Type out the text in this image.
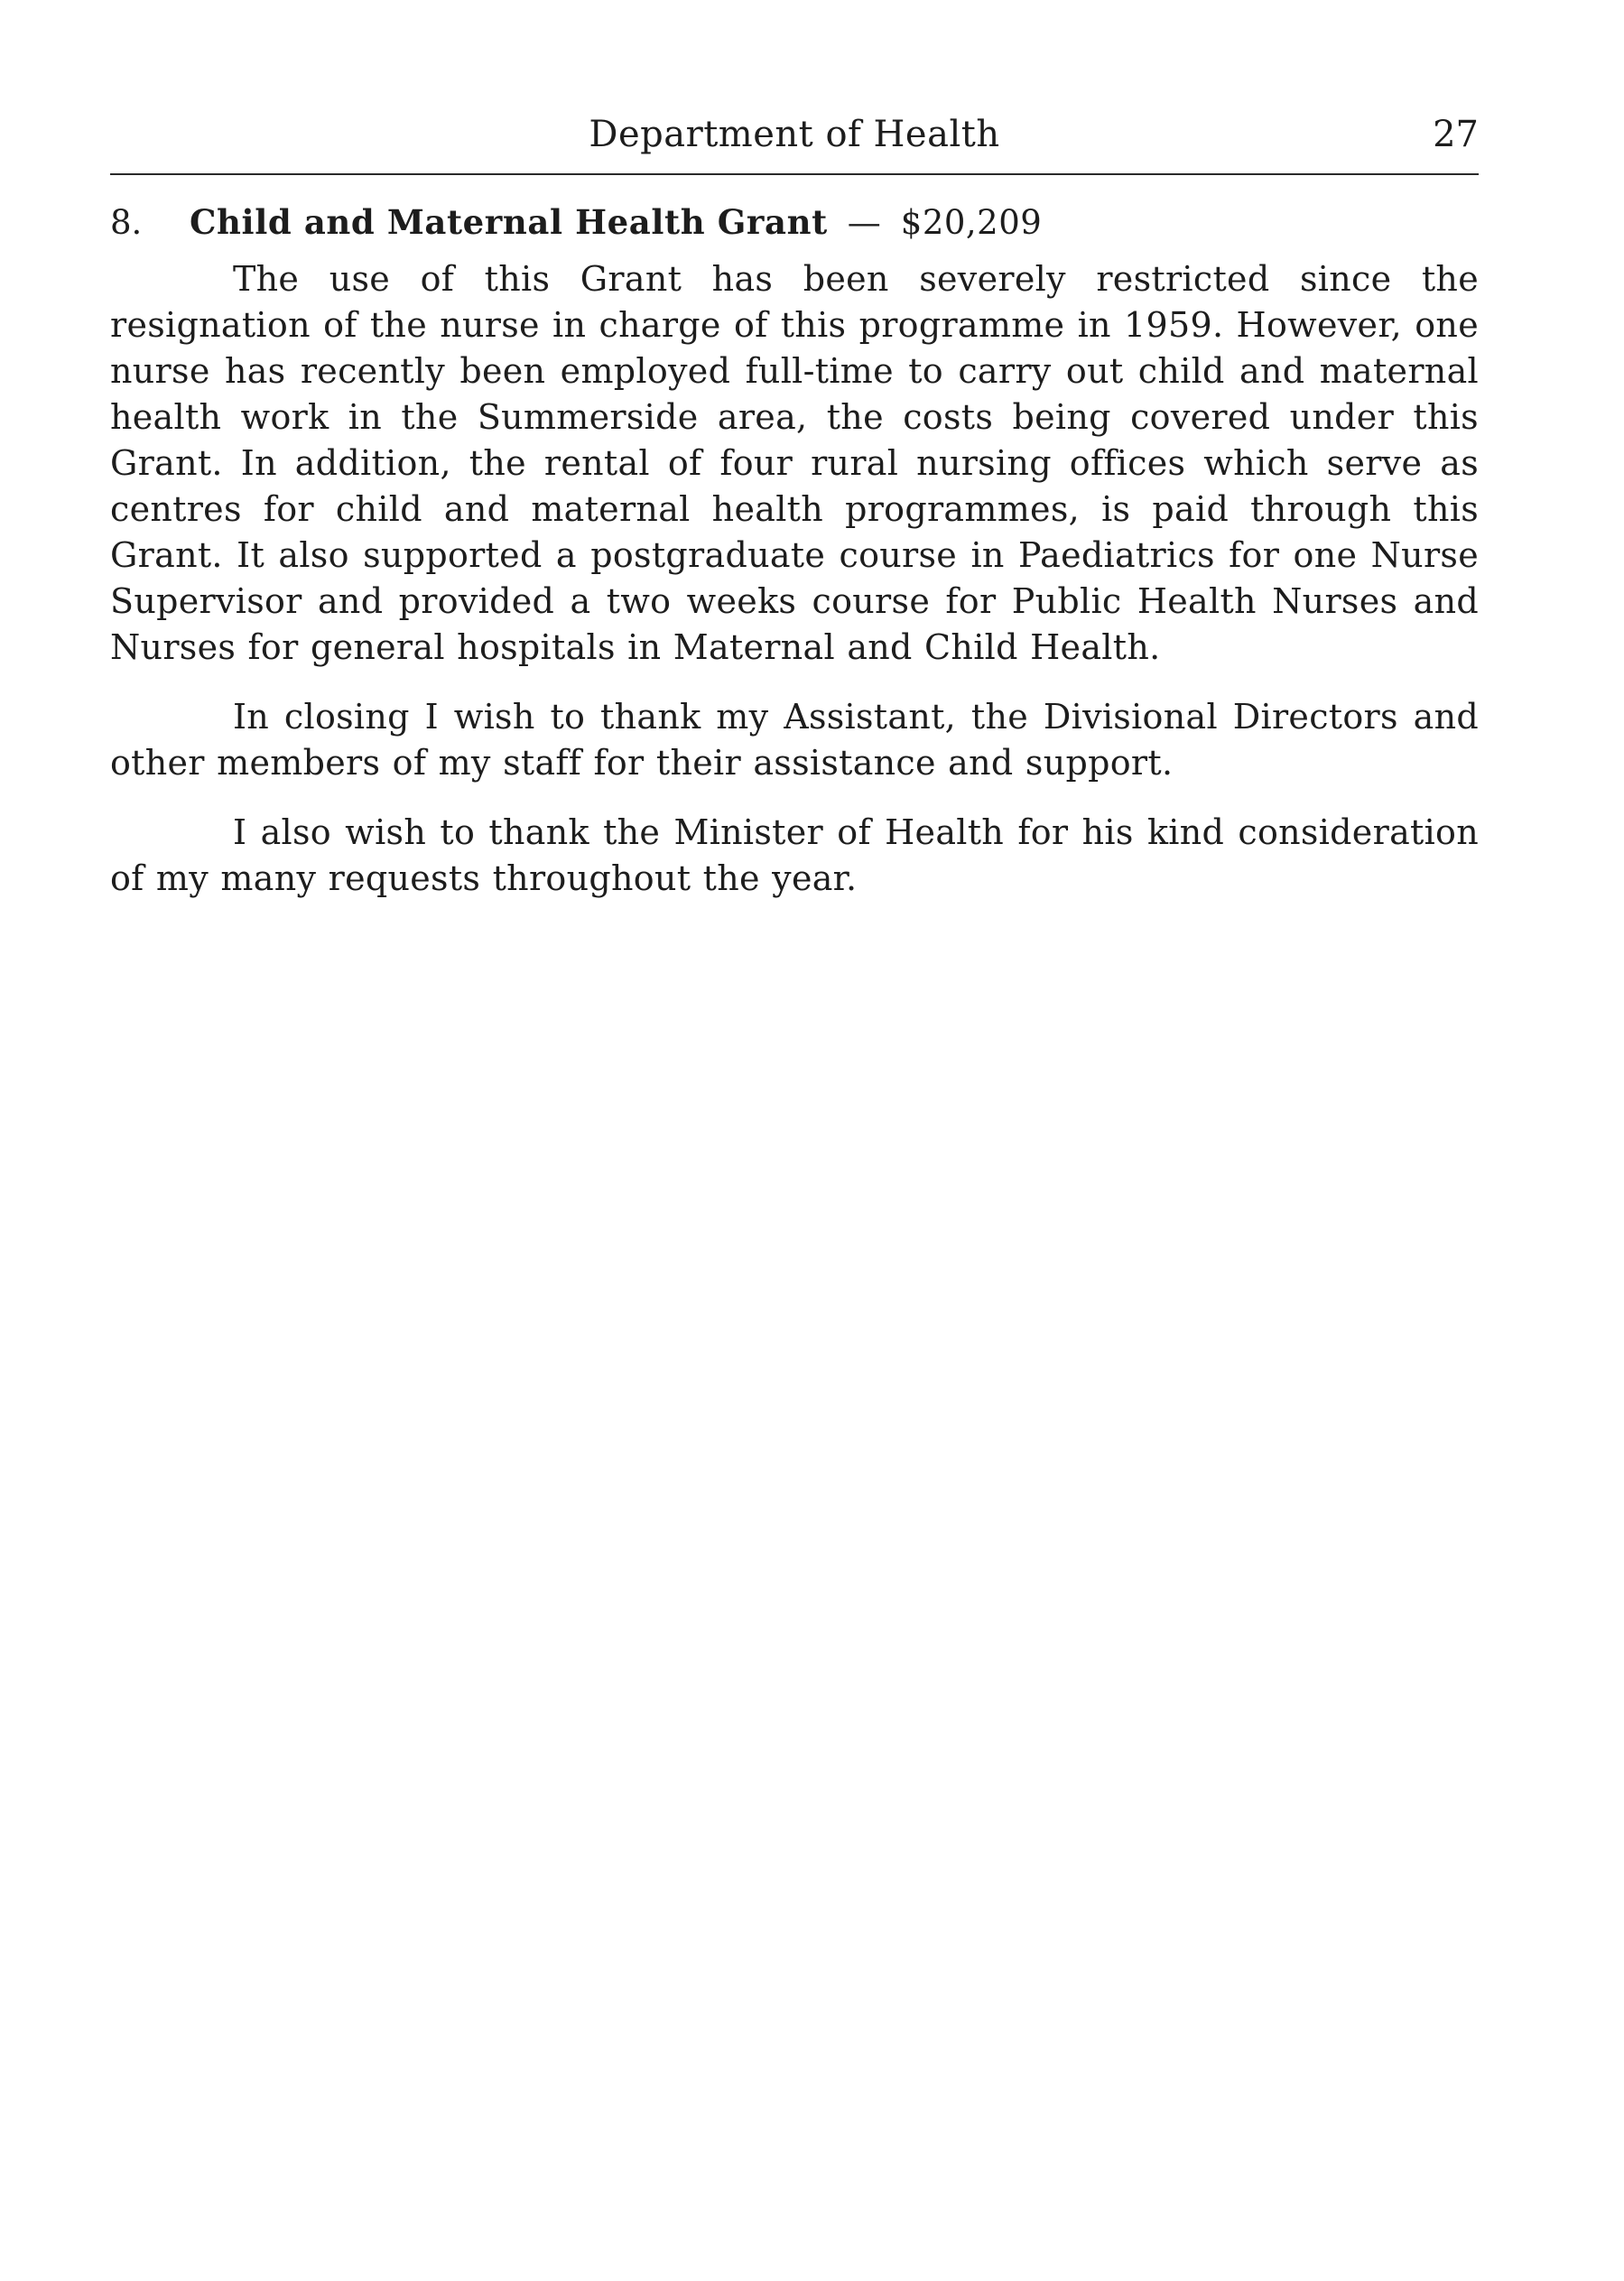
Department of Health	27
8. Child and Maternal Health Grant — $20,209

The use of this Grant has been severely restricted since the resignation of the nurse in charge of this programme in 1959. However, one nurse has recently been employed full-time to carry out child and maternal health work in the Summerside area, the costs being covered under this Grant. In addition, the rental of four rural nursing offices which serve as centres for child and maternal health programmes, is paid through this Grant. It also supported a postgraduate course in Paediatrics for one Nurse Supervisor and provided a two weeks course for Public Health Nurses and Nurses for general hospitals in Maternal and Child Health.

In closing I wish to thank my Assistant, the Divisional Directors and other members of my staff for their assistance and support.

I also wish to thank the Minister of Health for his kind consideration of my many requests throughout the year.
